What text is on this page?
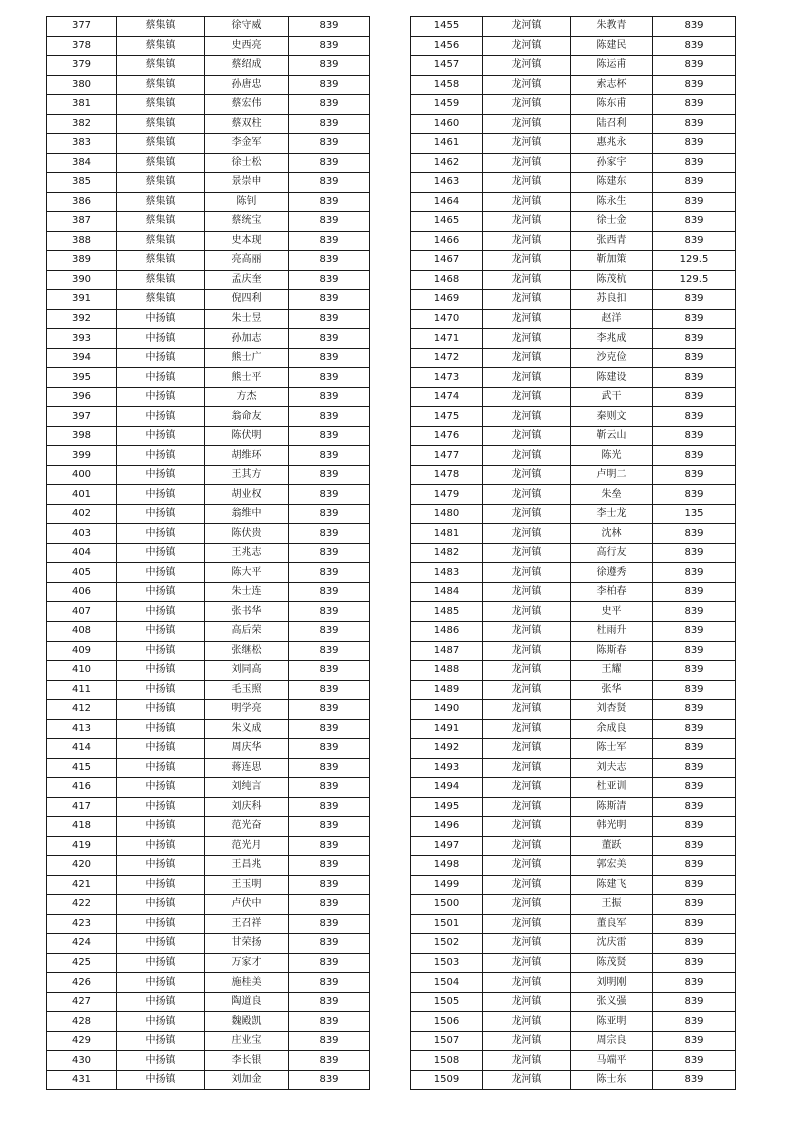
377	蔡集镇	徐守威	839
378	蔡集镇	史西亮	839
379	蔡集镇	蔡绍成	839
380	蔡集镇	孙唐忠	839
381	蔡集镇	蔡宏伟	839
382	蔡集镇	蔡双柱	839
383	蔡集镇	李金军	839
384	蔡集镇	徐士松	839
385	蔡集镇	景崇申	839
386	蔡集镇	陈钊	839
387	蔡集镇	蔡统宝	839
388	蔡集镇	史本现	839
389	蔡集镇	亮高丽	839
390	蔡集镇	孟庆奎	839
391	蔡集镇	倪四利	839
392	中扬镇	朱士昱	839
393	中扬镇	孙加志	839
394	中扬镇	熊士广	839
395	中扬镇	熊士平	839
396	中扬镇	方杰	839
397	中扬镇	翁命友	839
398	中扬镇	陈伏明	839
399	中扬镇	胡维环	839
400	中扬镇	王其方	839
401	中扬镇	胡业权	839
402	中扬镇	翁维中	839
403	中扬镇	陈伏贵	839
404	中扬镇	王兆志	839
405	中扬镇	陈大平	839
406	中扬镇	朱士连	839
407	中扬镇	张书华	839
408	中扬镇	高后荣	839
409	中扬镇	张继松	839
410	中扬镇	刘同高	839
411	中扬镇	毛玉照	839
412	中扬镇	明学亮	839
413	中扬镇	朱义成	839
414	中扬镇	周庆华	839
415	中扬镇	蒋连思	839
416	中扬镇	刘纯言	839
417	中扬镇	刘庆科	839
418	中扬镇	范光奋	839
419	中扬镇	范光月	839
420	中扬镇	王昌兆	839
421	中扬镇	王玉明	839
422	中扬镇	卢伏中	839
423	中扬镇	王召祥	839
424	中扬镇	甘荣扬	839
425	中扬镇	万家才	839
426	中扬镇	施桂美	839
427	中扬镇	陶道良	839
428	中扬镇	魏殿凯	839
429	中扬镇	庄业宝	839
430	中扬镇	李长银	839
431	中扬镇	刘加金	839
1455	龙河镇	朱教青	839
1456	龙河镇	陈建民	839
1457	龙河镇	陈运甫	839
1458	龙河镇	索志杯	839
1459	龙河镇	陈东甫	839
1460	龙河镇	陆召利	839
1461	龙河镇	惠兆永	839
1462	龙河镇	孙家宇	839
1463	龙河镇	陈建东	839
1464	龙河镇	陈永生	839
1465	龙河镇	徐士金	839
1466	龙河镇	张西青	839
1467	龙河镇	靳加策	129.5
1468	龙河镇	陈茂杭	129.5
1469	龙河镇	苏良扣	839
1470	龙河镇	赵洋	839
1471	龙河镇	李兆成	839
1472	龙河镇	沙克俭	839
1473	龙河镇	陈建设	839
1474	龙河镇	武干	839
1475	龙河镇	秦则文	839
1476	龙河镇	靳云山	839
1477	龙河镇	陈光	839
1478	龙河镇	卢明二	839
1479	龙河镇	朱垒	839
1480	龙河镇	李士龙	135
1481	龙河镇	沈林	839
1482	龙河镇	高行友	839
1483	龙河镇	徐遵秀	839
1484	龙河镇	李柏春	839
1485	龙河镇	史平	839
1486	龙河镇	杜雨升	839
1487	龙河镇	陈斯春	839
1488	龙河镇	王耀	839
1489	龙河镇	张华	839
1490	龙河镇	刘杏贤	839
1491	龙河镇	余成良	839
1492	龙河镇	陈士军	839
1493	龙河镇	刘夫志	839
1494	龙河镇	杜亚训	839
1495	龙河镇	陈斯清	839
1496	龙河镇	韩光明	839
1497	龙河镇	董跃	839
1498	龙河镇	郭宏美	839
1499	龙河镇	陈建飞	839
1500	龙河镇	王振	839
1501	龙河镇	董良军	839
1502	龙河镇	沈庆雷	839
1503	龙河镇	陈茂贤	839
1504	龙河镇	刘明刚	839
1505	龙河镇	张义强	839
1506	龙河镇	陈亚明	839
1507	龙河镇	周宗良	839
1508	龙河镇	马端平	839
1509	龙河镇	陈士东	839
